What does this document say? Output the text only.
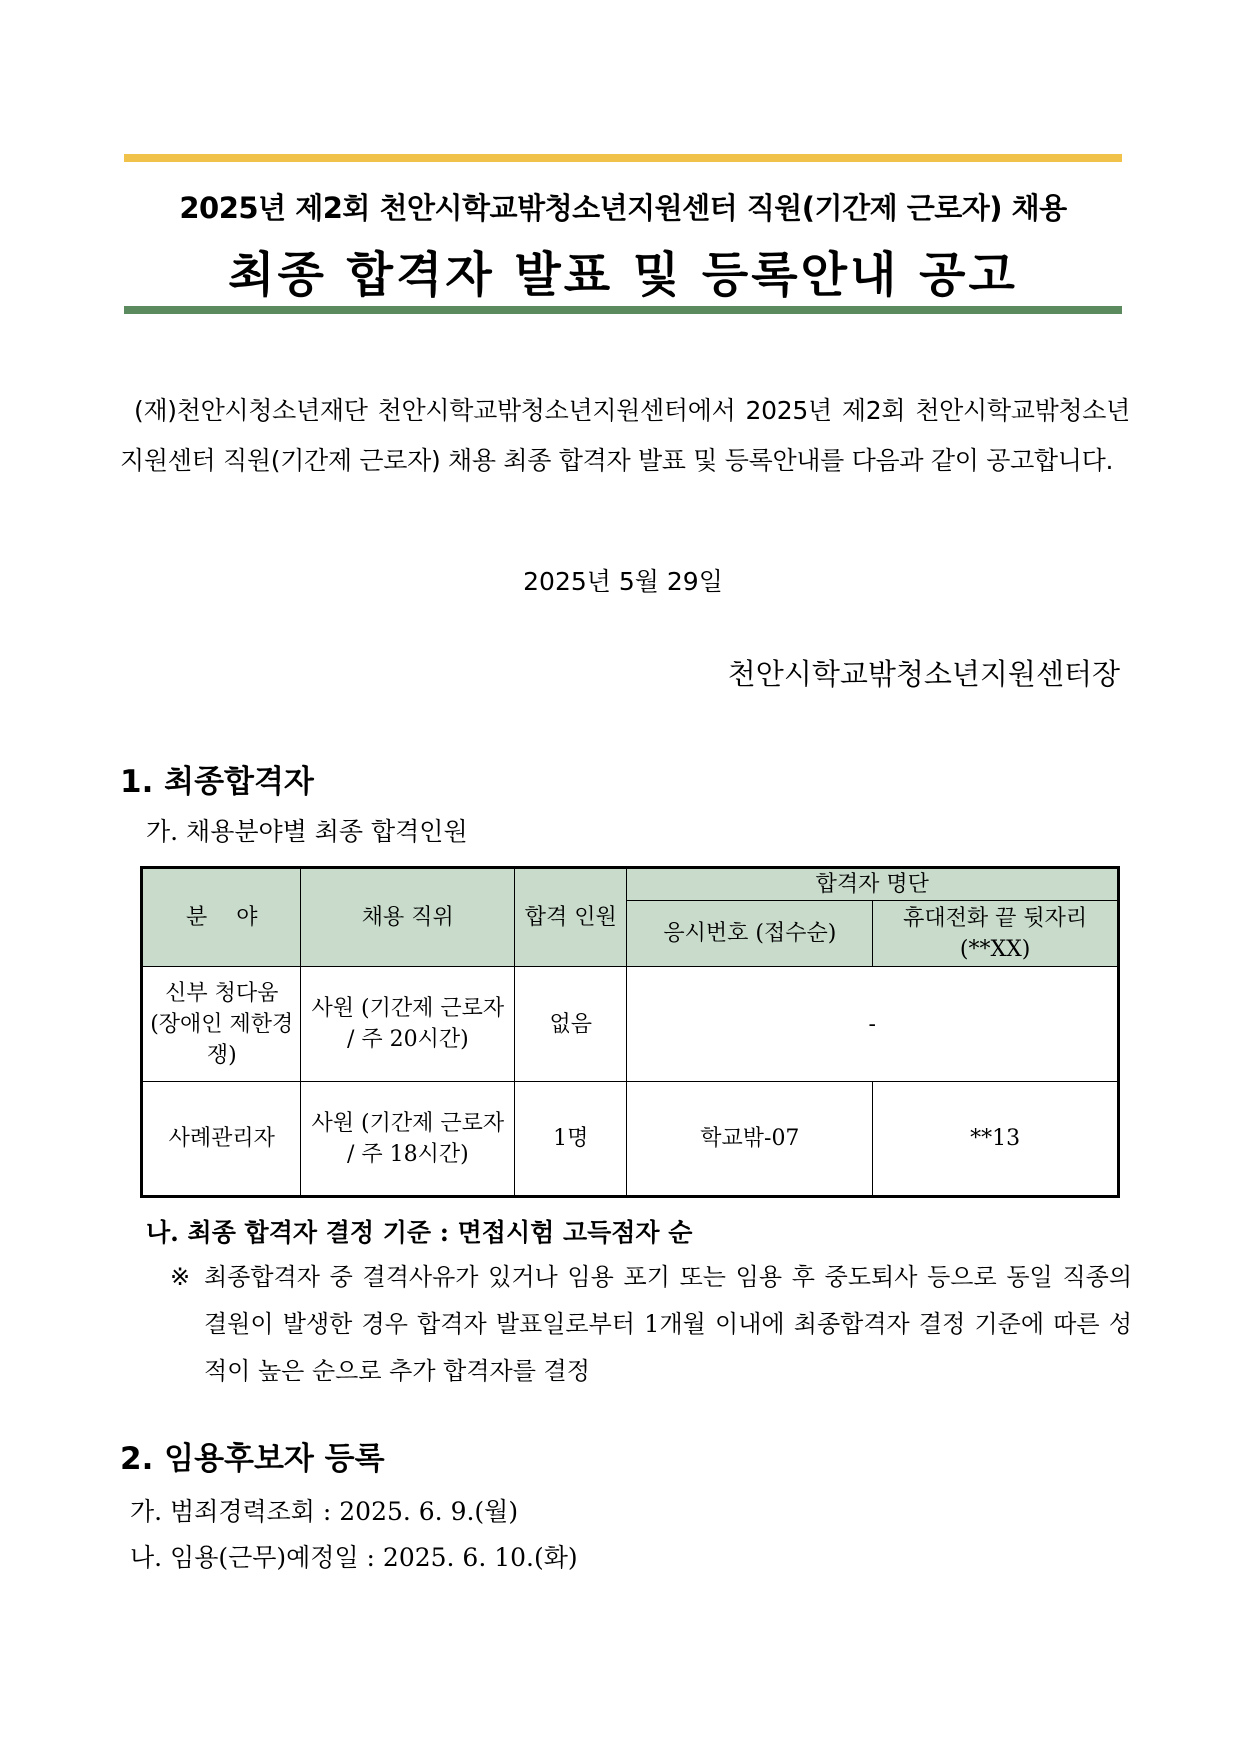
2025년 제2회 천안시학교밖청소년지원센터 직원(기간제 근로자) 채용
최종 합격자 발표 및 등록안내 공고
(재)천안시청소년재단 천안시학교밖청소년지원센터에서 2025년 제2회 천안시학교밖청소년지원센터 직원(기간제 근로자) 채용 최종 합격자 발표 및 등록안내를 다음과 같이 공고합니다.
2025년 5월 29일
천안시학교밖청소년지원센터장
1. 최종합격자
가. 채용분야별 최종 합격인원
분　 야	채용 직위	합격 인원	합격자 명단	
			응시번호 (접수순)	휴대전화 끝 뒷자리(**XX)
신부 청다움 (장애인 제한경쟁)	사원 (기간제 근로자 / 주 20시간)	없음	-	
사례관리자	사원 (기간제 근로자 / 주 18시간)	1명	학교밖-07	**13
나. 최종 합격자 결정 기준 : 면접시험 고득점자 순
※ 최종합격자 중 결격사유가 있거나 임용 포기 또는 임용 후 중도퇴사 등으로 동일 직종의 결원이 발생한 경우 합격자 발표일로부터 1개월 이내에 최종합격자 결정 기준에 따른 성적이 높은 순으로 추가 합격자를 결정
2. 임용후보자 등록
가. 범죄경력조회 : 2025. 6. 9.(월)
나. 임용(근무)예정일 : 2025. 6. 10.(화)
